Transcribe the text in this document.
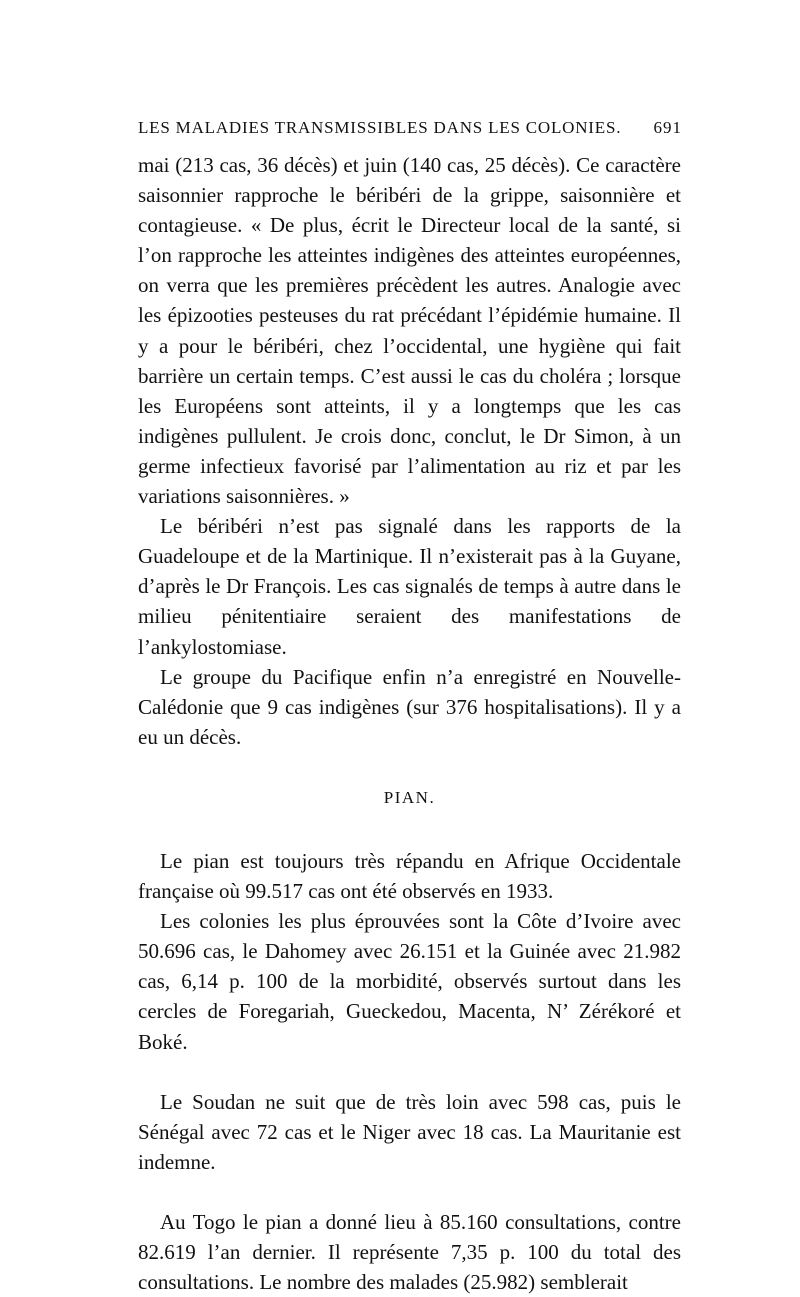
LES MALADIES TRANSMISSIBLES DANS LES COLONIES. 691

mai (213 cas, 36 décès) et juin (140 cas, 25 décès). Ce caractère saisonnier rapproche le béribéri de la grippe, saisonnière et contagieuse. « De plus, écrit le Directeur local de la santé, si l’on rapproche les atteintes indigènes des atteintes européennes, on verra que les premières précèdent les autres. Analogie avec les épizooties pesteuses du rat précédant l’épidémie humaine. Il y a pour le béribéri, chez l’occidental, une hygiène qui fait barrière un certain temps. C’est aussi le cas du choléra ; lorsque les Européens sont atteints, il y a longtemps que les cas indigènes pullulent. Je crois donc, conclut, le Dr Simon, à un germe infectieux favorisé par l’alimentation au riz et par les variations saisonnières. »

Le béribéri n’est pas signalé dans les rapports de la Guadeloupe et de la Martinique. Il n’existerait pas à la Guyane, d’après le Dr François. Les cas signalés de temps à autre dans le milieu pénitentiaire seraient des manifestations de l’ankylostomiase.

Le groupe du Pacifique enfin n’a enregistré en Nouvelle-Calédonie que 9 cas indigènes (sur 376 hospitalisations). Il y a eu un décès.

PIAN.

Le pian est toujours très répandu en Afrique Occidentale française où 99.517 cas ont été observés en 1933.

Les colonies les plus éprouvées sont la Côte d’Ivoire avec 50.696 cas, le Dahomey avec 26.151 et la Guinée avec 21.982 cas, 6,14 p. 100 de la morbidité, observés surtout dans les cercles de Foregariah, Gueckedou, Macenta, N’ Zérékoré et Boké.

Le Soudan ne suit que de très loin avec 598 cas, puis le Sénégal avec 72 cas et le Niger avec 18 cas. La Mauritanie est indemne.

Au Togo le pian a donné lieu à 85.160 consultations, contre 82.619 l’an dernier. Il représente 7,35 p. 100 du total des consultations. Le nombre des malades (25.982) semblerait
